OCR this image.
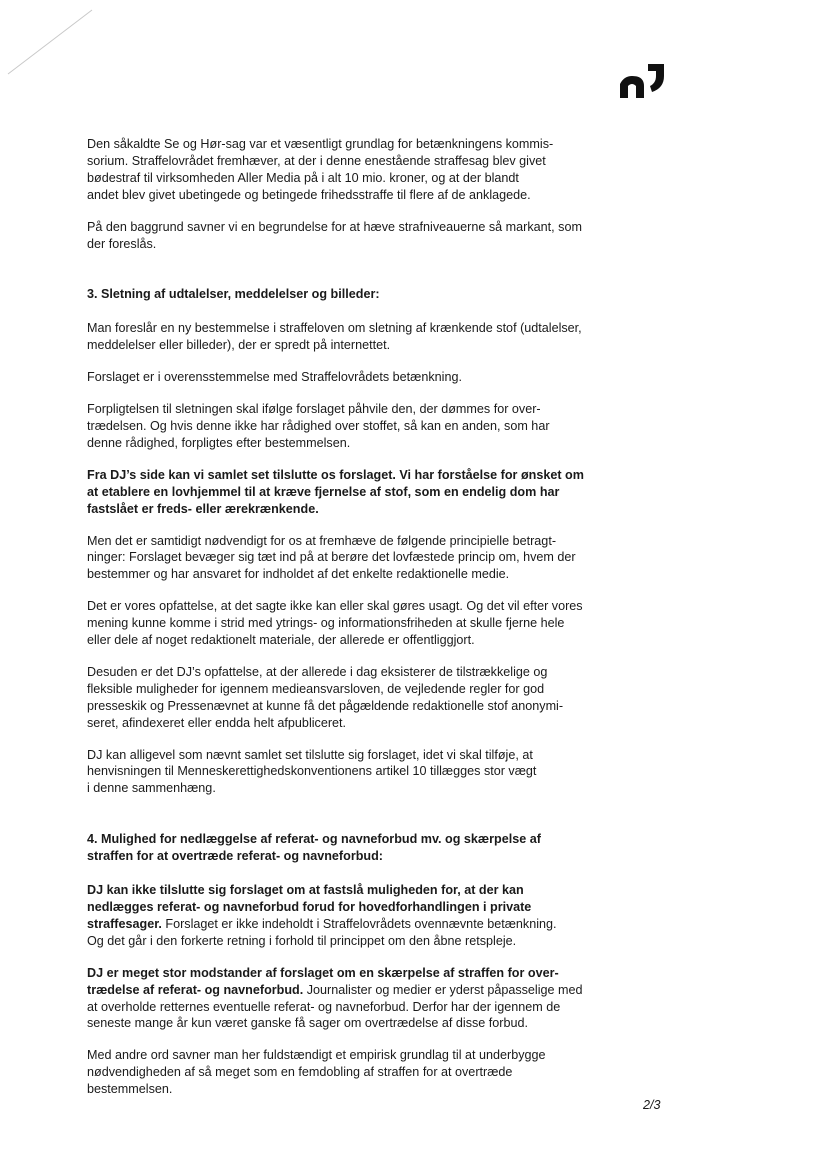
Den såkaldte Se og Hør-sag var et væsentligt grundlag for betænkningens kommis-
sorium. Straffelovrådet fremhæver, at der i denne enestående straffesag blev givet
bødestraf til virksomheden Aller Media på i alt 10 mio. kroner, og at der blandt
andet blev givet ubetingede og betingede frihedsstraffe til flere af de anklagede.

På den baggrund savner vi en begrundelse for at hæve strafniveauerne så markant, som
der foreslås.

3. Sletning af udtalelser, meddelelser og billeder:

Man foreslår en ny bestemmelse i straffeloven om sletning af krænkende stof (udtalelser,
meddelelser eller billeder), der er spredt på internettet.

Forslaget er i overensstemmelse med Straffelovrådets betænkning.

Forpligtelsen til sletningen skal ifølge forslaget påhvile den, der dømmes for over-
trædelsen. Og hvis denne ikke har rådighed over stoffet, så kan en anden, som har
denne rådighed, forpligtes efter bestemmelsen.

Fra DJ’s side kan vi samlet set tilslutte os forslaget. Vi har forståelse for ønsket om
at etablere en lovhjemmel til at kræve fjernelse af stof, som en endelig dom har
fastslået er freds- eller ærekrænkende.

Men det er samtidigt nødvendigt for os at fremhæve de følgende principielle betragt-
ninger: Forslaget bevæger sig tæt ind på at berøre det lovfæstede princip om, hvem der
bestemmer og har ansvaret for indholdet af det enkelte redaktionelle medie.

Det er vores opfattelse, at det sagte ikke kan eller skal gøres usagt. Og det vil efter vores
mening kunne komme i strid med ytrings- og informationsfriheden at skulle fjerne hele
eller dele af noget redaktionelt materiale, der allerede er offentliggjort.

Desuden er det DJ’s opfattelse, at der allerede i dag eksisterer de tilstrækkelige og
fleksible muligheder for igennem medieansvarsloven, de vejledende regler for god
presseskik og Pressenævnet at kunne få det pågældende redaktionelle stof anonymi-
seret, afindexeret eller endda helt afpubliceret.

DJ kan alligevel som nævnt samlet set tilslutte sig forslaget, idet vi skal tilføje, at
henvisningen til Menneskerettighedskonventionens artikel 10 tillægges stor vægt
i denne sammenhæng.

4. Mulighed for nedlæggelse af referat- og navneforbud mv. og skærpelse af
straffen for at overtræde referat- og navneforbud:

DJ kan ikke tilslutte sig forslaget om at fastslå muligheden for, at der kan
nedlægges referat- og navneforbud forud for hovedforhandlingen i private
straffesager. Forslaget er ikke indeholdt i Straffelovrådets ovennævnte betænkning.
Og det går i den forkerte retning i forhold til princippet om den åbne retspleje.

DJ er meget stor modstander af forslaget om en skærpelse af straffen for over-
trædelse af referat- og navneforbud. Journalister og medier er yderst påpasselige med
at overholde retternes eventuelle referat- og navneforbud. Derfor har der igennem de
seneste mange år kun været ganske få sager om overtrædelse af disse forbud.

Med andre ord savner man her fuldstændigt et empirisk grundlag til at underbygge
nødvendigheden af så meget som en femdobling af straffen for at overtræde
bestemmelsen.

2/3
